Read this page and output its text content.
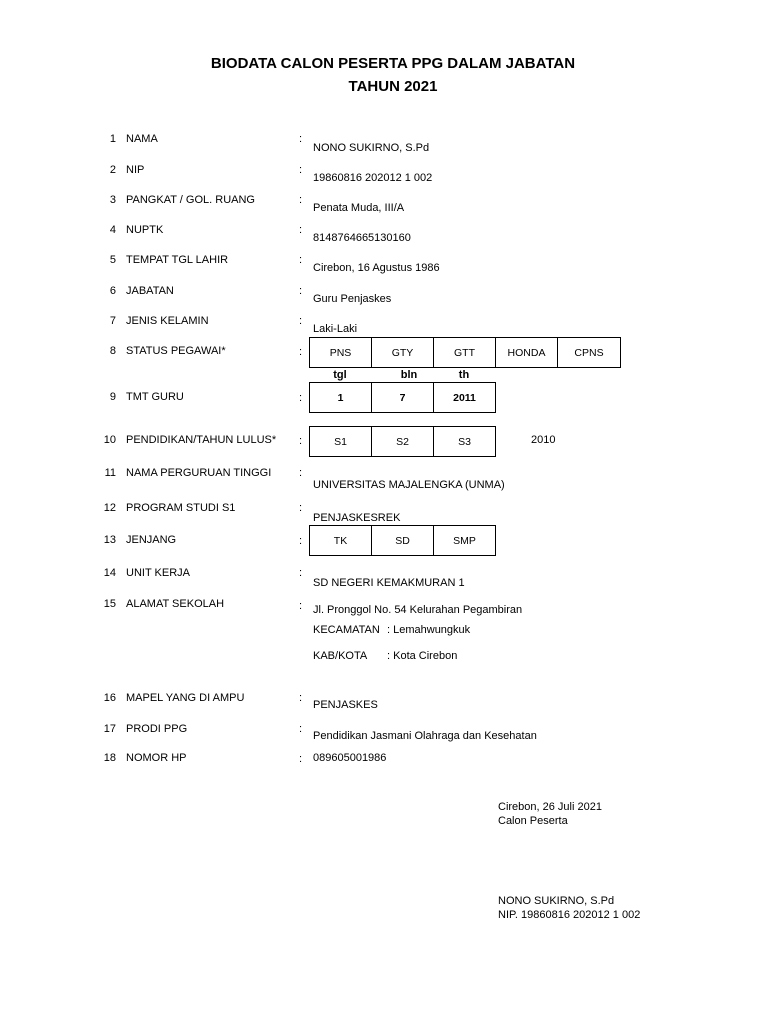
BIODATA CALON PESERTA PPG DALAM JABATAN
TAHUN 2021
1 NAMA	:
NONO SUKIRNO, S.Pd
2 NIP	:
19860816 202012 1 002
3 PANGKAT / GOL. RUANG	:
Penata Muda, III/A
4 NUPTK	:
8148764665130160
5 TEMPAT TGL LAHIR	:
Cirebon, 16 Agustus 1986
6 JABATAN	:
Guru Penjaskes
7 JENIS KELAMIN	:
Laki-Laki
8 STATUS PEGAWAI*	:	PNS	GTY	GTT	HONDA	CPNS
tgl	bln	th
9 TMT GURU	:	1	7	2011
10 PENDIDIKAN/TAHUN LULUS* :	S1	S2	S3	2010
11 NAMA PERGURUAN TINGGI	:
UNIVERSITAS MAJALENGKA (UNMA)
12 PROGRAM STUDI S1	:
PENJASKESREK
13 JENJANG	:	TK	SD	SMP
14 UNIT KERJA	:
SD NEGERI KEMAKMURAN 1
15 ALAMAT SEKOLAH	: Jl. Pronggol No. 54 Kelurahan Pegambiran
KECAMATAN : Lemahwungkuk
KAB/KOTA : Kota Cirebon
16 MAPEL YANG DI AMPU	:
PENJASKES
17 PRODI PPG	:
Pendidikan Jasmani Olahraga dan Kesehatan
18 NOMOR HP	: 089605001986
Cirebon, 26 Juli 2021
Calon Peserta
NONO SUKIRNO, S.Pd
NIP. 19860816 202012 1 002
